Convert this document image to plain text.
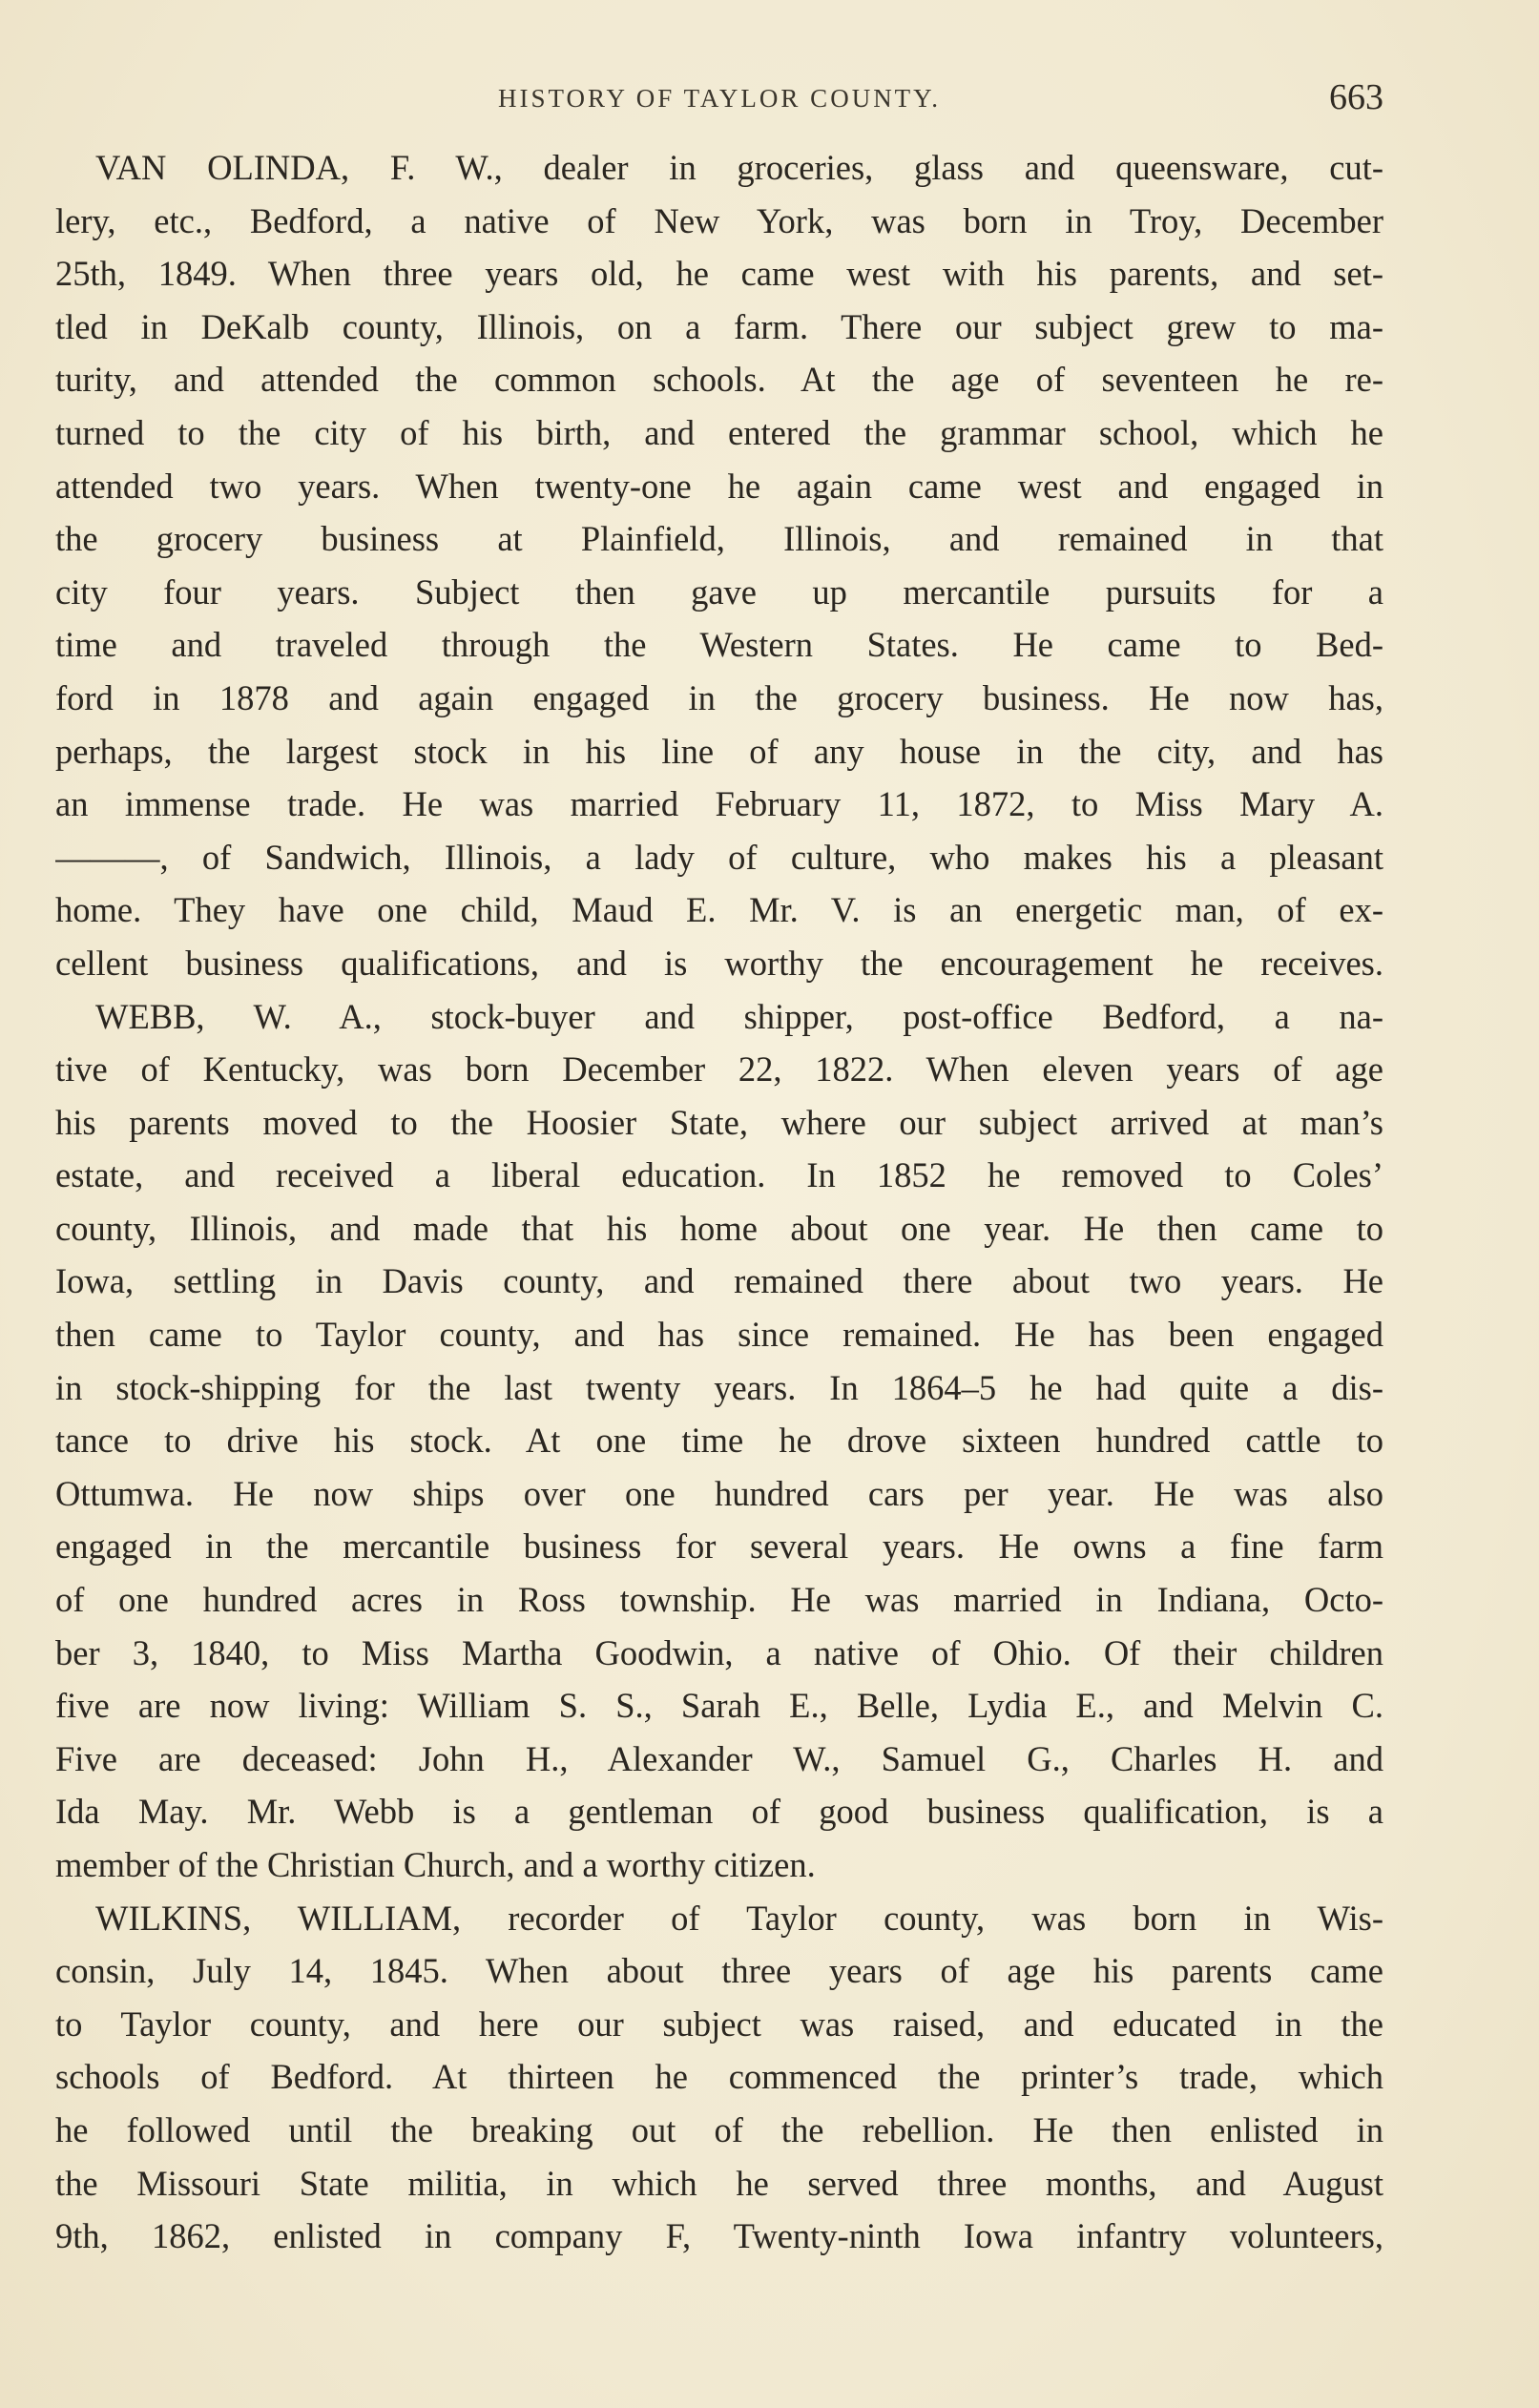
HISTORY OF TAYLOR COUNTY.	663
VAN OLINDA, F. W., dealer in groceries, glass and queensware, cut-
lery, etc., Bedford, a native of New York, was born in Troy, December
25th, 1849. When three years old, he came west with his parents, and set-
tled in DeKalb county, Illinois, on a farm. There our subject grew to ma-
turity, and attended the common schools. At the age of seventeen he re-
turned to the city of his birth, and entered the grammar school, which he
attended two years. When twenty-one he again came west and engaged in
the grocery business at Plainfield, Illinois, and remained in that
city four years. Subject then gave up mercantile pursuits for a
time and traveled through the Western States. He came to Bed-
ford in 1878 and again engaged in the grocery business. He now has,
perhaps, the largest stock in his line of any house in the city, and has
an immense trade. He was married February 11, 1872, to Miss Mary A.
———, of Sandwich, Illinois, a lady of culture, who makes his a pleasant
home. They have one child, Maud E. Mr. V. is an energetic man, of ex-
cellent business qualifications, and is worthy the encouragement he receives.
WEBB, W. A., stock-buyer and shipper, post-office Bedford, a na-
tive of Kentucky, was born December 22, 1822. When eleven years of age
his parents moved to the Hoosier State, where our subject arrived at man’s
estate, and received a liberal education. In 1852 he removed to Coles’
county, Illinois, and made that his home about one year. He then came to
Iowa, settling in Davis county, and remained there about two years. He
then came to Taylor county, and has since remained. He has been engaged
in stock-shipping for the last twenty years. In 1864–5 he had quite a dis-
tance to drive his stock. At one time he drove sixteen hundred cattle to
Ottumwa. He now ships over one hundred cars per year. He was also
engaged in the mercantile business for several years. He owns a fine farm
of one hundred acres in Ross township. He was married in Indiana, Octo-
ber 3, 1840, to Miss Martha Goodwin, a native of Ohio. Of their children
five are now living: William S. S., Sarah E., Belle, Lydia E., and Melvin C.
Five are deceased: John H., Alexander W., Samuel G., Charles H. and
Ida May. Mr. Webb is a gentleman of good business qualification, is a
member of the Christian Church, and a worthy citizen.
WILKINS, WILLIAM, recorder of Taylor county, was born in Wis-
consin, July 14, 1845. When about three years of age his parents came
to Taylor county, and here our subject was raised, and educated in the
schools of Bedford. At thirteen he commenced the printer’s trade, which
he followed until the breaking out of the rebellion. He then enlisted in
the Missouri State militia, in which he served three months, and August
9th, 1862, enlisted in company F, Twenty-ninth Iowa infantry volunteers,
